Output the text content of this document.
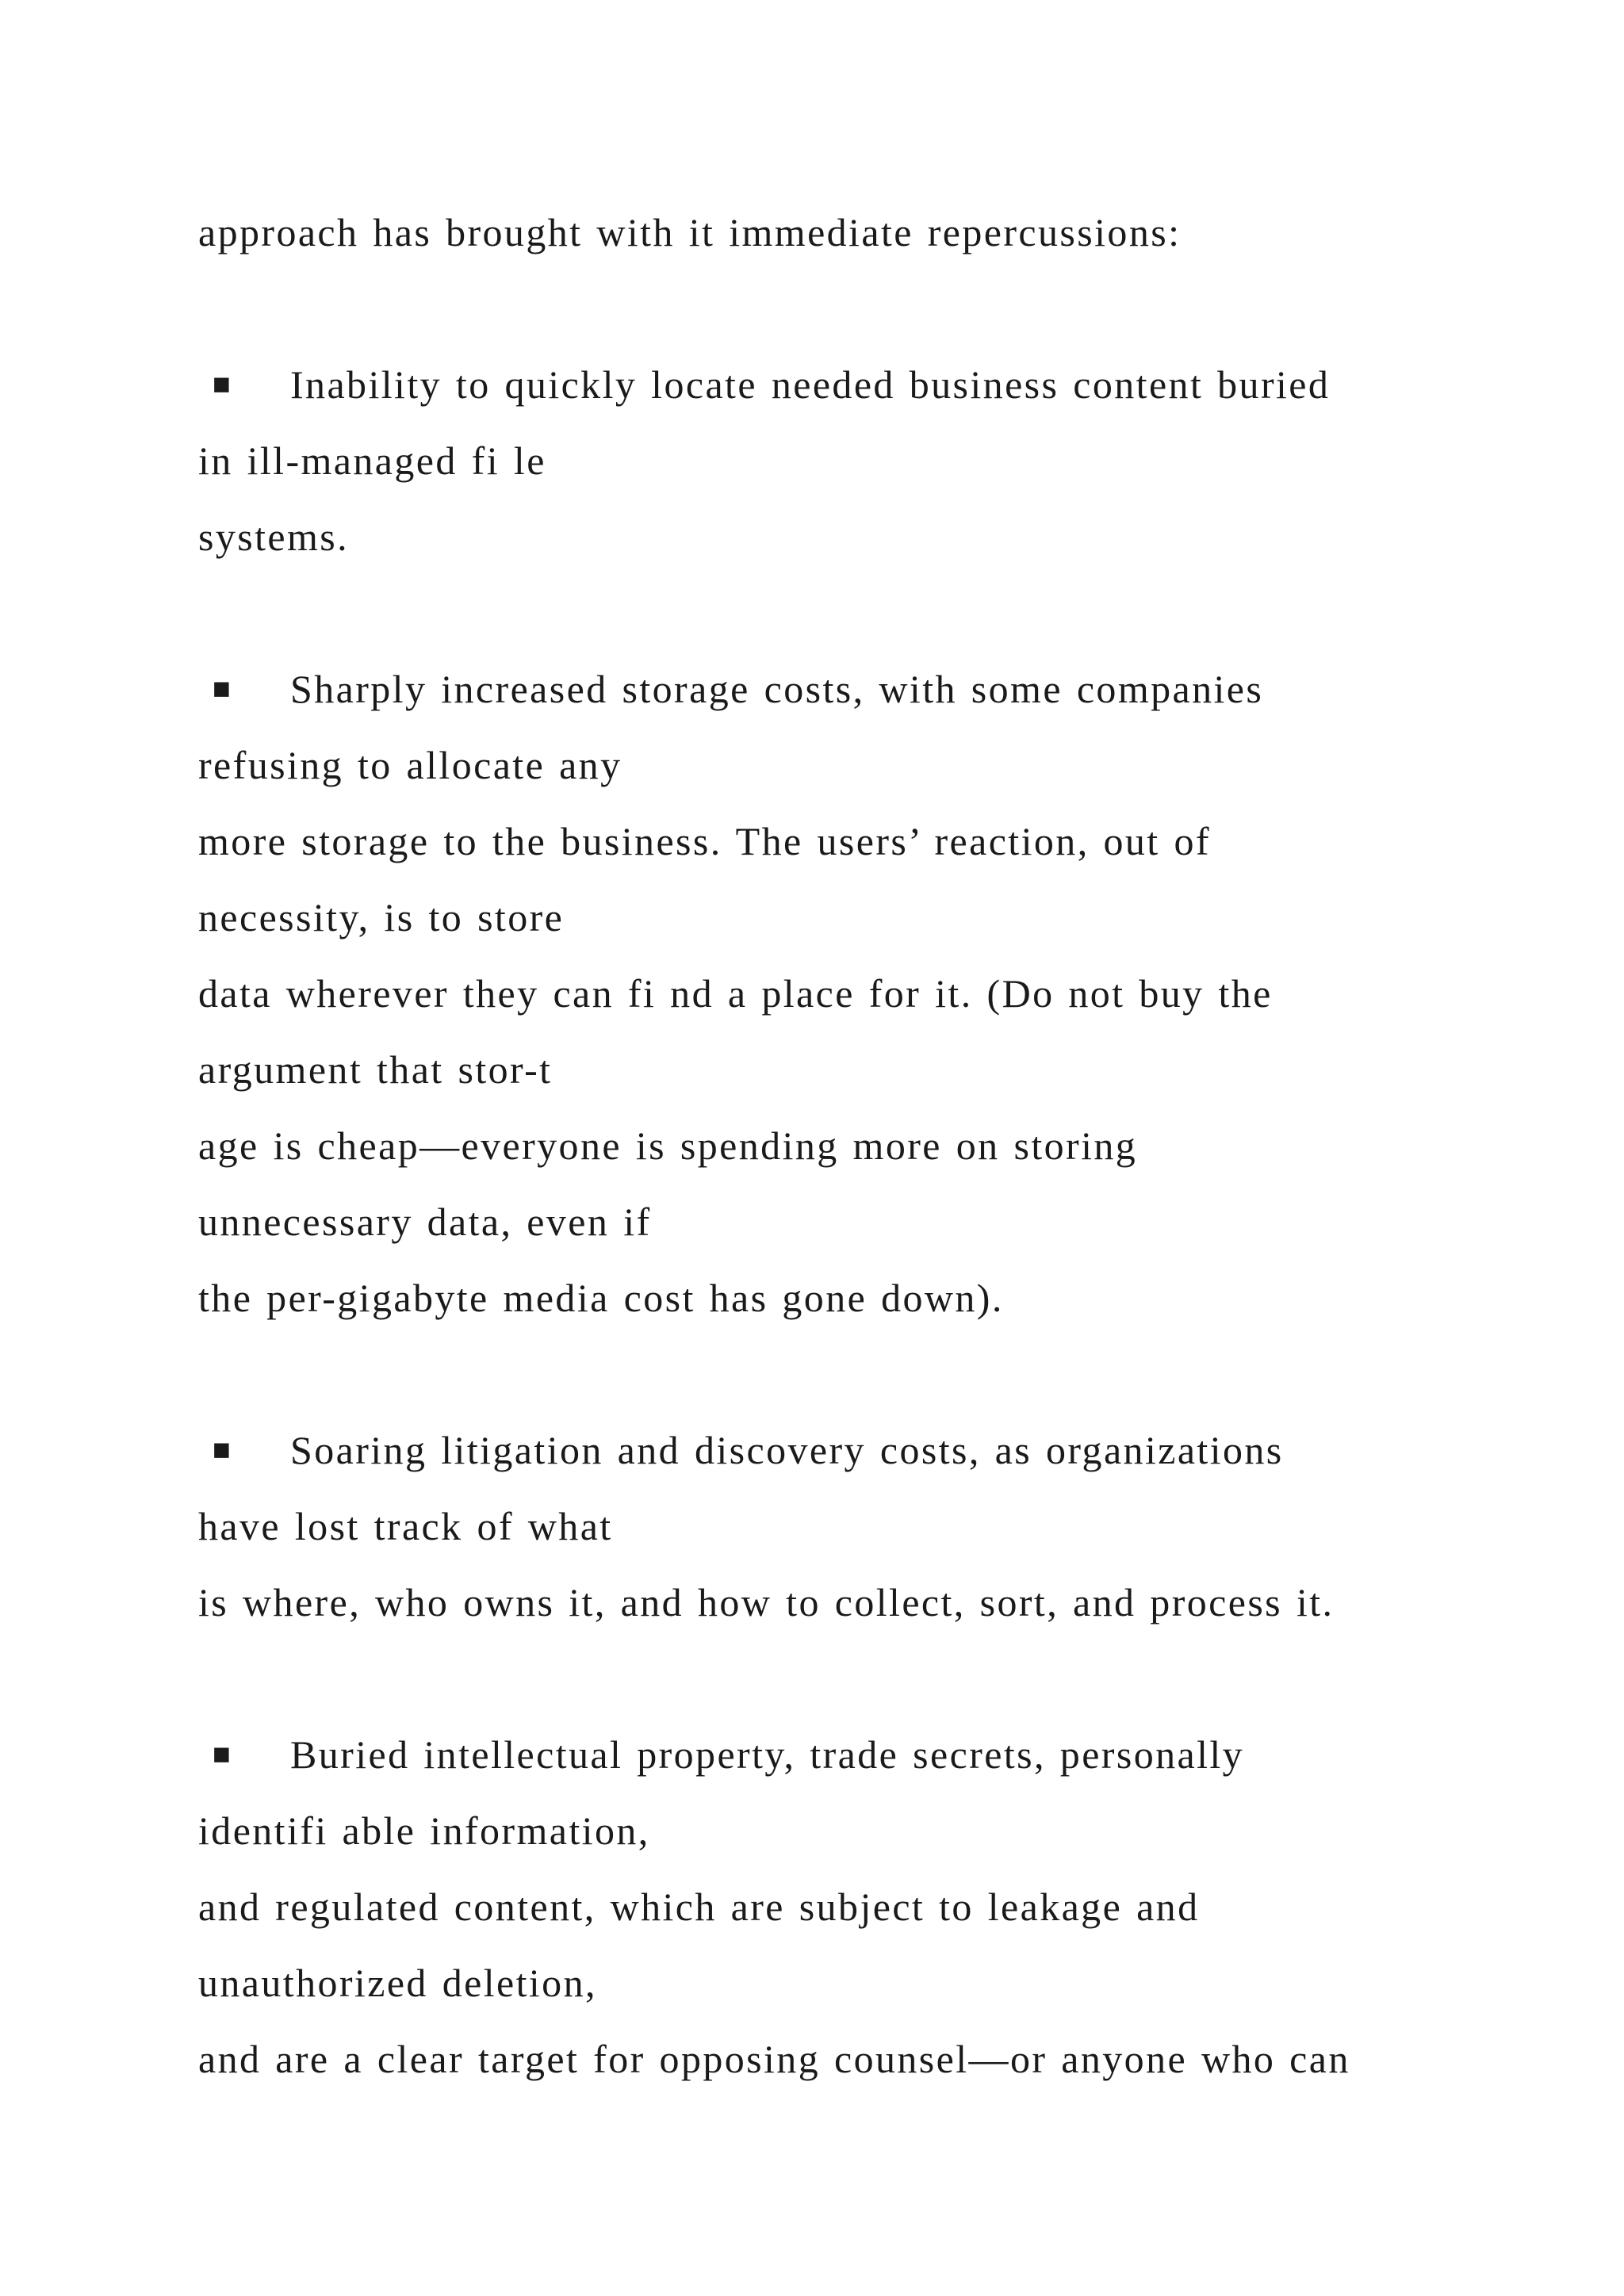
approach has brought with it immediate repercussions:
■ Inability to quickly locate needed business content buried
in ill-managed fi le
systems.
■ Sharply increased storage costs, with some companies
refusing to allocate any
more storage to the business. The users’ reaction, out of
necessity, is to store
data wherever they can fi nd a place for it. (Do not buy the
argument that stor-t
age is cheap—everyone is spending more on storing
unnecessary data, even if
the per-gigabyte media cost has gone down).
■ Soaring litigation and discovery costs, as organizations
have lost track of what
is where, who owns it, and how to collect, sort, and process it.
■ Buried intellectual property, trade secrets, personally
identifi able information,
and regulated content, which are subject to leakage and
unauthorized deletion,
and are a clear target for opposing counsel—or anyone who can
